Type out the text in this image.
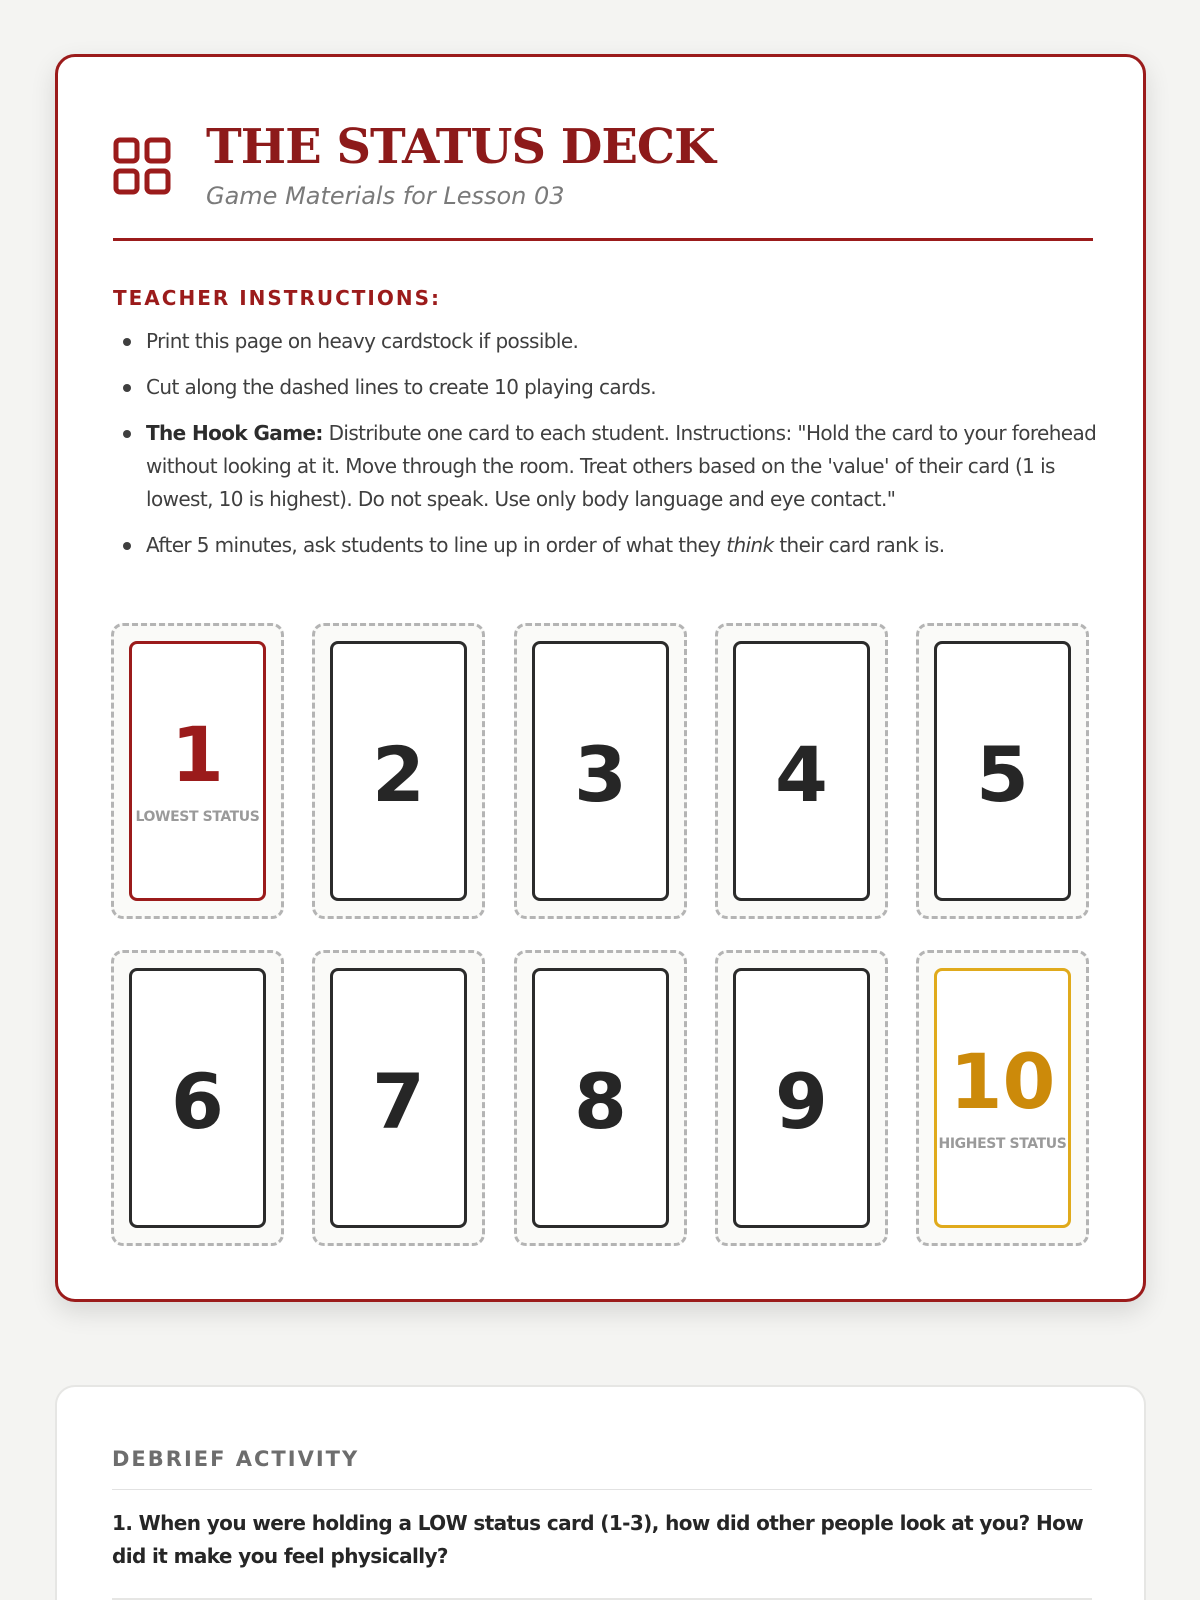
THE STATUS DECK
Game Materials for Lesson 03
TEACHER INSTRUCTIONS:
Print this page on heavy cardstock if possible.
Cut along the dashed lines to create 10 playing cards.
The Hook Game: Distribute one card to each student. Instructions: "Hold the card to your forehead without looking at it. Move through the room. Treat others based on the 'value' of their card (1 is lowest, 10 is highest). Do not speak. Use only body language and eye contact."
After 5 minutes, ask students to line up in order of what they think their card rank is.
1
LOWEST STATUS	2	3	4	5
6	7	8	9	10
HIGHEST STATUS
DEBRIEF ACTIVITY

1. When you were holding a LOW status card (1-3), how did other people look at you? How did it make you feel physically?
